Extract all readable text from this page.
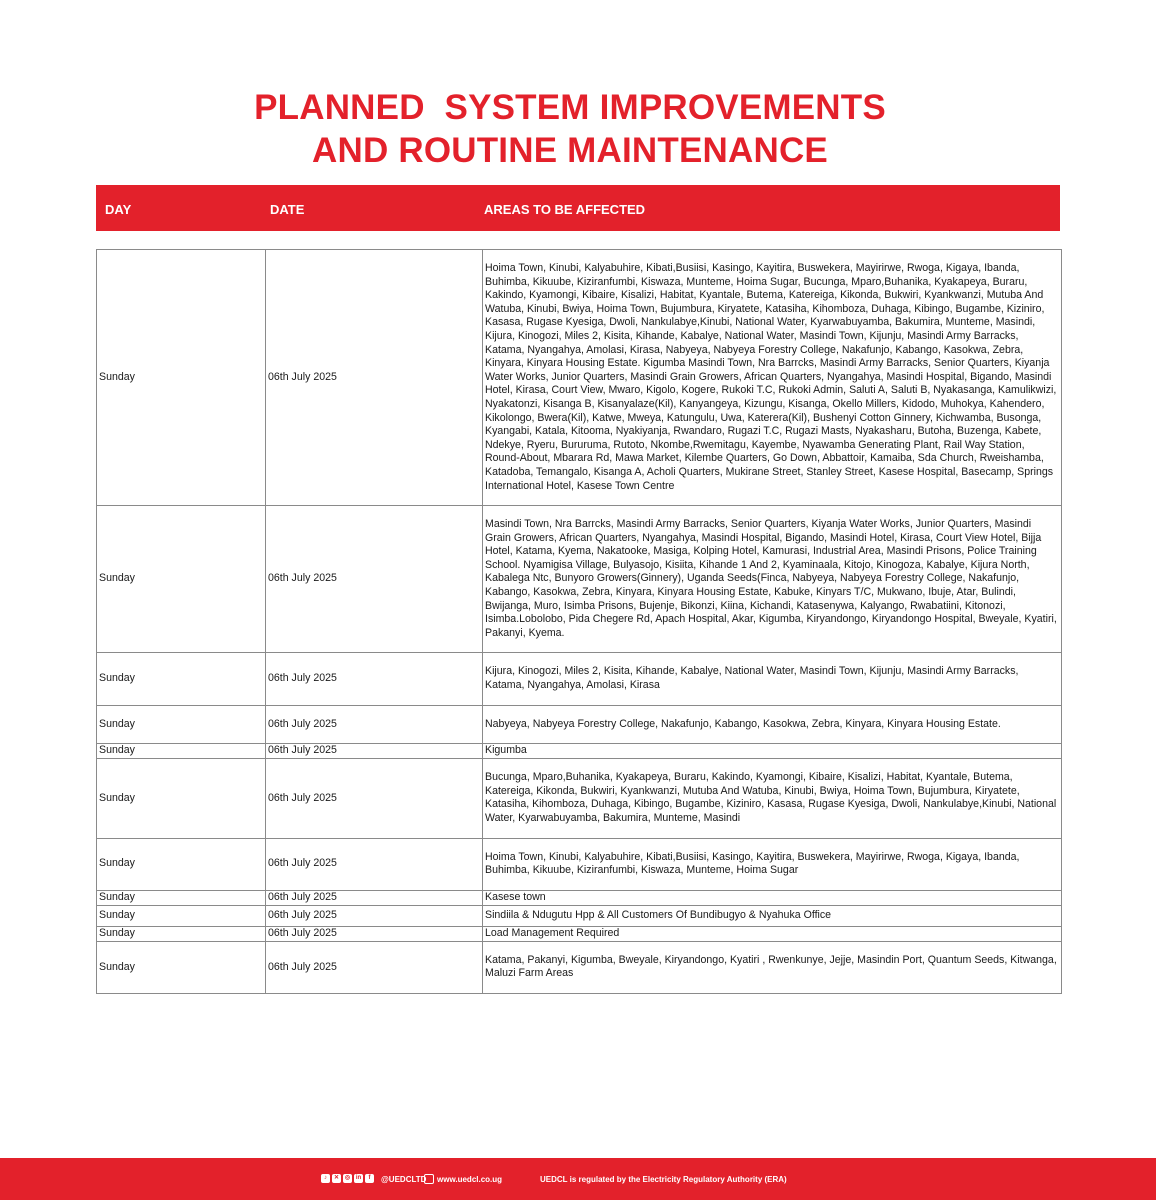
PLANNED  SYSTEM IMPROVEMENTS
AND ROUTINE MAINTENANCE
DAY	DATE	AREAS TO BE AFFECTED
Sunday	06th July 2025	Hoima Town, Kinubi, Kalyabuhire, Kibati,Busiisi, Kasingo, Kayitira, Buswekera, Mayirirwe, Rwoga, Kigaya, Ibanda, Buhimba, Kikuube, Kiziranfumbi, Kiswaza, Munteme, Hoima Sugar, Bucunga, Mparo,Buhanika, Kyakapeya, Buraru, Kakindo, Kyamongi, Kibaire, Kisalizi, Habitat, Kyantale, Butema, Katereiga, Kikonda, Bukwiri, Kyankwanzi, Mutuba And Watuba, Kinubi, Bwiya, Hoima Town, Bujumbura, Kiryatete, Katasiha, Kihomboza, Duhaga, Kibingo, Bugambe, Kiziniro, Kasasa, Rugase Kyesiga, Dwoli, Nankulabye,Kinubi, National Water, Kyarwabuyamba, Bakumira, Munteme, Masindi, Kijura, Kinogozi, Miles 2, Kisita, Kihande, Kabalye, National Water, Masindi Town, Kijunju, Masindi Army Barracks, Katama, Nyangahya, Amolasi, Kirasa, Nabyeya, Nabyeya Forestry College, Nakafunjo, Kabango, Kasokwa, Zebra, Kinyara, Kinyara Housing Estate. Kigumba Masindi Town, Nra Barrcks, Masindi Army Barracks, Senior Quarters, Kiyanja Water Works, Junior Quarters, Masindi Grain Growers, African Quarters, Nyangahya, Masindi Hospital, Bigando, Masindi Hotel, Kirasa, Court View, Mwaro, Kigolo, Kogere, Rukoki T.C, Rukoki Admin, Saluti A, Saluti B, Nyakasanga, Kamulikwizi, Nyakatonzi, Kisanga B, Kisanyalaze(Kil), Kanyangeya, Kizungu, Kisanga, Okello Millers, Kidodo, Muhokya, Kahendero, Kikolongo, Bwera(Kil), Katwe, Mweya, Katungulu, Uwa, Katerera(Kil), Bushenyi Cotton Ginnery, Kichwamba, Busonga, Kyangabi, Katala, Kitooma, Nyakiyanja, Rwandaro, Rugazi T.C, Rugazi Masts, Nyakasharu, Butoha, Buzenga, Kabete, Ndekye, Ryeru, Bururuma, Rutoto, Nkombe,Rwemitagu, Kayembe, Nyawamba Generating Plant, Rail Way Station, Round-About, Mbarara Rd, Mawa Market, Kilembe Quarters, Go Down, Abbattoir, Kamaiba, Sda Church, Rweishamba, Katadoba, Temangalo, Kisanga A, Acholi Quarters, Mukirane Street, Stanley Street, Kasese Hospital, Basecamp, Springs International Hotel, Kasese Town Centre
Sunday	06th July 2025	Masindi Town, Nra Barrcks, Masindi Army Barracks, Senior Quarters, Kiyanja Water Works, Junior Quarters, Masindi Grain Growers, African Quarters, Nyangahya, Masindi Hospital, Bigando, Masindi Hotel, Kirasa, Court View Hotel, Bijja Hotel, Katama, Kyema, Nakatooke, Masiga, Kolping Hotel, Kamurasi, Industrial Area, Masindi Prisons, Police Training School. Nyamigisa Village, Bulyasojo, Kisiita, Kihande 1 And 2, Kyaminaala, Kitojo, Kinogoza, Kabalye, Kijura North, Kabalega Ntc, Bunyoro Growers(Ginnery), Uganda Seeds(Finca, Nabyeya, Nabyeya Forestry College, Nakafunjo, Kabango, Kasokwa, Zebra, Kinyara, Kinyara Housing Estate, Kabuke, Kinyars T/C, Mukwano, Ibuje, Atar, Bulindi, Bwijanga, Muro, Isimba Prisons, Bujenje, Bikonzi, Kiina, Kichandi, Katasenywa, Kalyango, Rwabatiini, Kitonozi, Isimba.Lobolobo, Pida Chegere Rd, Apach Hospital, Akar, Kigumba, Kiryandongo, Kiryandongo Hospital, Bweyale, Kyatiri, Pakanyi, Kyema.
Sunday	06th July 2025	Kijura, Kinogozi, Miles 2, Kisita, Kihande, Kabalye, National Water, Masindi Town, Kijunju, Masindi Army Barracks, Katama, Nyangahya, Amolasi, Kirasa
Sunday	06th July 2025	Nabyeya, Nabyeya Forestry College, Nakafunjo, Kabango, Kasokwa, Zebra, Kinyara, Kinyara Housing Estate.
Sunday	06th July 2025	Kigumba
Sunday	06th July 2025	Bucunga, Mparo,Buhanika, Kyakapeya, Buraru, Kakindo, Kyamongi, Kibaire, Kisalizi, Habitat, Kyantale, Butema, Katereiga, Kikonda, Bukwiri, Kyankwanzi, Mutuba And Watuba, Kinubi, Bwiya, Hoima Town, Bujumbura, Kiryatete, Katasiha, Kihomboza, Duhaga, Kibingo, Bugambe, Kiziniro, Kasasa, Rugase Kyesiga, Dwoli, Nankulabye,Kinubi, National Water, Kyarwabuyamba, Bakumira, Munteme, Masindi
Sunday	06th July 2025	Hoima Town, Kinubi, Kalyabuhire, Kibati,Busiisi, Kasingo, Kayitira, Buswekera, Mayirirwe, Rwoga, Kigaya, Ibanda, Buhimba, Kikuube, Kiziranfumbi, Kiswaza, Munteme, Hoima Sugar
Sunday	06th July 2025	Kasese town
Sunday	06th July 2025	Sindiila & Ndugutu Hpp & All Customers Of Bundibugyo & Nyahuka Office
Sunday	06th July 2025	Load Management Required
Sunday	06th July 2025	Katama, Pakanyi, Kigumba, Bweyale, Kiryandongo, Kyatiri , Rwenkunye, Jejje, Masindin Port, Quantum Seeds, Kitwanga, Maluzi Farm Areas
♪	✕ ◎ in	f	@UEDCLTD www.uedcl.co.ug	UEDCL is regulated by the Electricity Regulatory Authority (ERA)
